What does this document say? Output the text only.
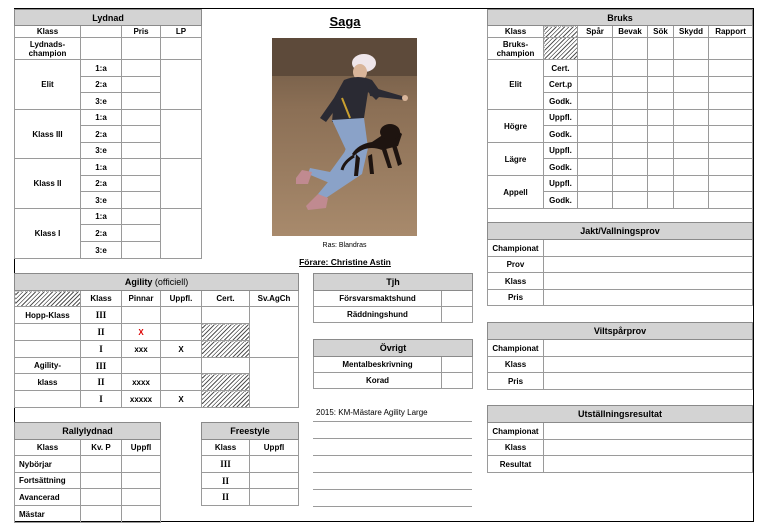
Lydnad			
Klass		Pris	LP
Lydnads-champion			
Elit	1:a		
	2:a		
	3:e		
Klass III	1:a		
	2:a		
	3:e		
Klass II	1:a		
	2:a		
	3:e		
Klass I	1:a		
	2:a		
	3:e		
Saga
Ras: Blandras
Förare: Christine Astin
Agility (officiell)					
	Klass	Pinnar	Uppfl.	Cert.	Sv.AgCh
Hopp-Klass	III				
	II	X			
	I	xxx	X		
Agility-	III				
klass	II	xxxx			
	I	xxxxx	X		
Tjh	
Försvarsmaktshund	
Räddningshund	
Övrigt	
Mentalbeskrivning	
Korad	
2015: KM-Mästare Agility Large
Rallylydnad		
Klass	Kv. P	Uppfl
Nybörjar		
Fortsättning		
Avancerad		
Mästar		
Freestyle	
Klass	Uppfl
III	
II	
II	
Bruks						
Klass		Spår	Bevak	Sök	Skydd	Rapport
Bruks-champion						
Elit	Cert.					
	Cert.p					
	Godk.					
Högre	Uppfl.					
	Godk.					
Lägre	Uppfl.					
	Godk.					
Appell	Uppfl.					
	Godk.					

Jakt/Vallningsprov	
Championat	
Prov	
Klass	
Pris	
Viltspårprov	
Championat	
Klass	
Pris	
Utställningsresultat	
Championat	
Klass	
Resultat	
